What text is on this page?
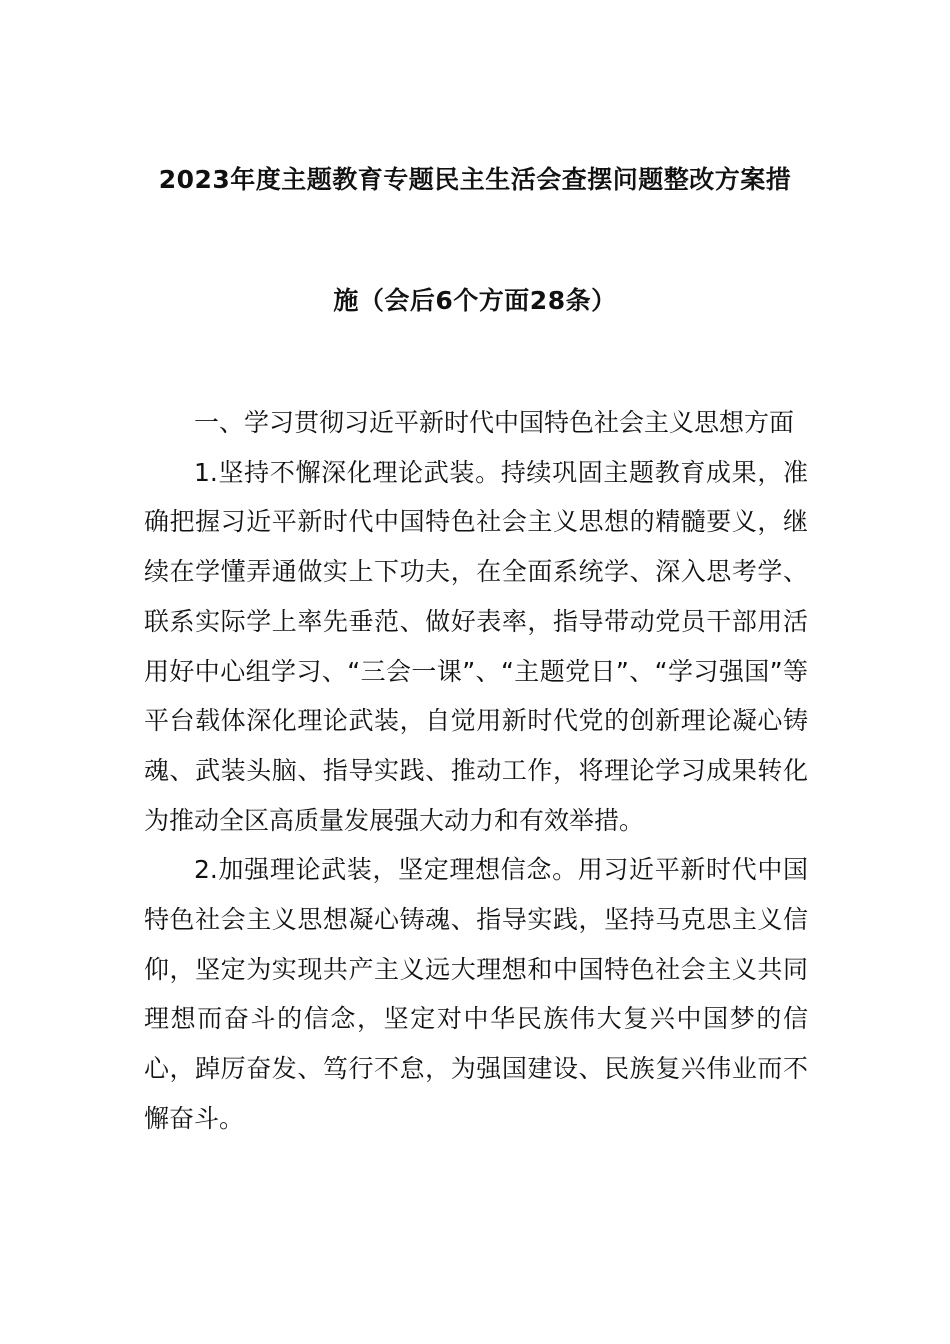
2023年度主题教育专题民主生活会查摆问题整改方案措
施（会后6个方面28条）

一、学习贯彻习近平新时代中国特色社会主义思想方面

1.坚持不懈深化理论武装。持续巩固主题教育成果，准确把握习近平新时代中国特色社会主义思想的精髓要义，继续在学懂弄通做实上下功夫，在全面系统学、深入思考学、联系实际学上率先垂范、做好表率，指导带动党员干部用活用好中心组学习、“三会一课”、“主题党日”、“学习强国”等平台载体深化理论武装，自觉用新时代党的创新理论凝心铸魂、武装头脑、指导实践、推动工作，将理论学习成果转化为推动全区高质量发展强大动力和有效举措。

2.加强理论武装，坚定理想信念。用习近平新时代中国特色社会主义思想凝心铸魂、指导实践，坚持马克思主义信仰，坚定为实现共产主义远大理想和中国特色社会主义共同理想而奋斗的信念，坚定对中华民族伟大复兴中国梦的信心，踔厉奋发、笃行不怠，为强国建设、民族复兴伟业而不懈奋斗。
